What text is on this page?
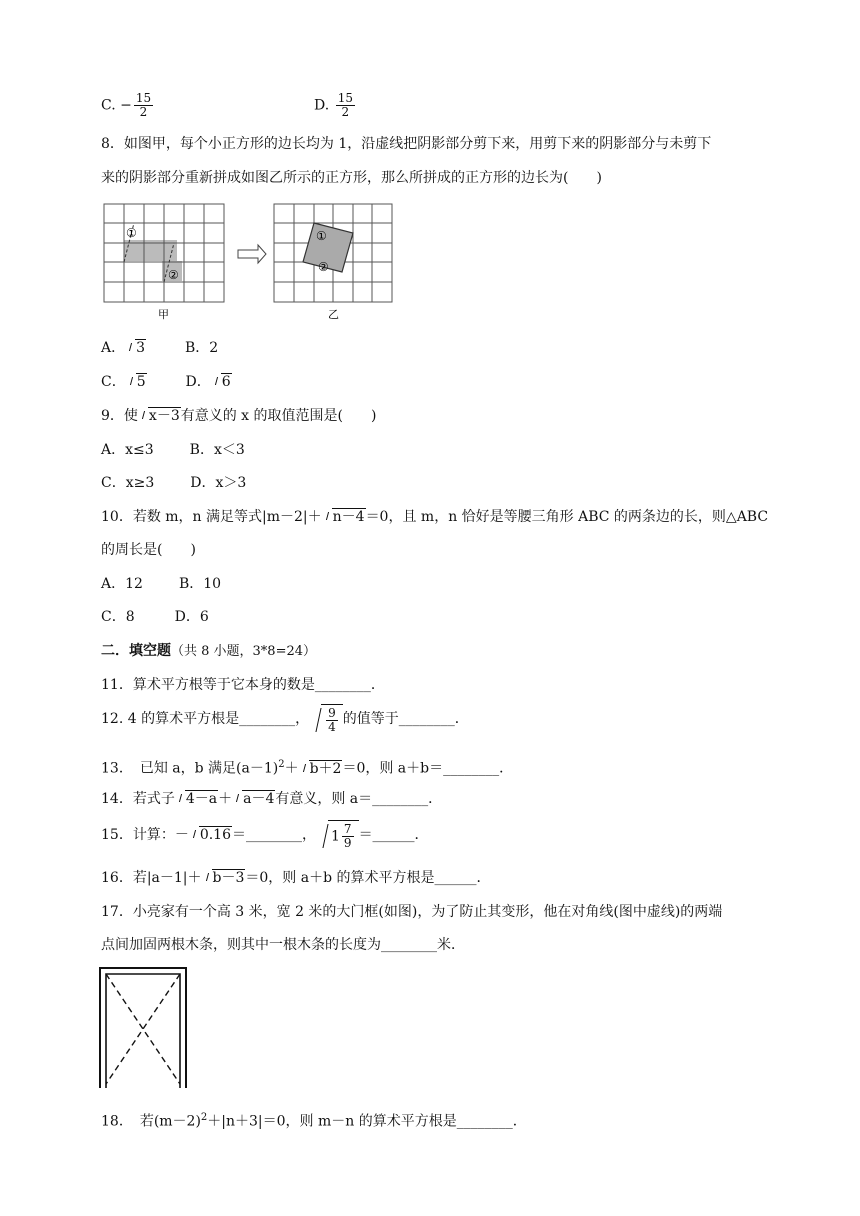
C. − $\frac{15}{2}$	D. $\frac{15}{2}$
8．如图甲，每个小正方形的边长均为 1，沿虚线把阴影部分剪下来，用剪下来的阴影部分与未剪下
来的阴影部分重新拼成如图乙所示的正方形，那么所拼成的正方形的边长为(　　)
①
②
甲
①
②
乙
A． 3	B．2
C． 5	D． 6
9．使 x－3有意义的 x 的取值范围是(　　)
A．x≤3	B．x＜3
C．x≥3	D．x＞3
10．若数 m，n 满足等式|m－2|＋ n－4＝0，且 m，n 恰好是等腰三角形 ABC 的两条边的长，则△ABC
的周长是(　　)
A．12	B．10
C．8	D．6
二．填空题（共 8 小题，3*8=24）
11．算术平方根等于它本身的数是________．
12. 4 的算术平方根是________， $\frac{9}{4}$ 的值等于________．
13．　已知 a，b 满足$(a-1)^2+ b+2=0$，则 a＋b＝________．
14．若式子 4－a＋ a－4有意义，则 a＝________．
15．计算：－ 0.16＝________， $1 \frac{7}{9}$ ＝______．
16．若|a－1|＋ b－3＝0，则 a＋b 的算术平方根是______．
17．小亮家有一个高 3 米，宽 2 米的大门框(如图)，为了防止其变形，他在对角线(图中虚线)的两端
点间加固两根木条，则其中一根木条的长度为________米．
18．　若$(m-2)^2+|n+3|=0$，则 m－n 的算术平方根是________．
